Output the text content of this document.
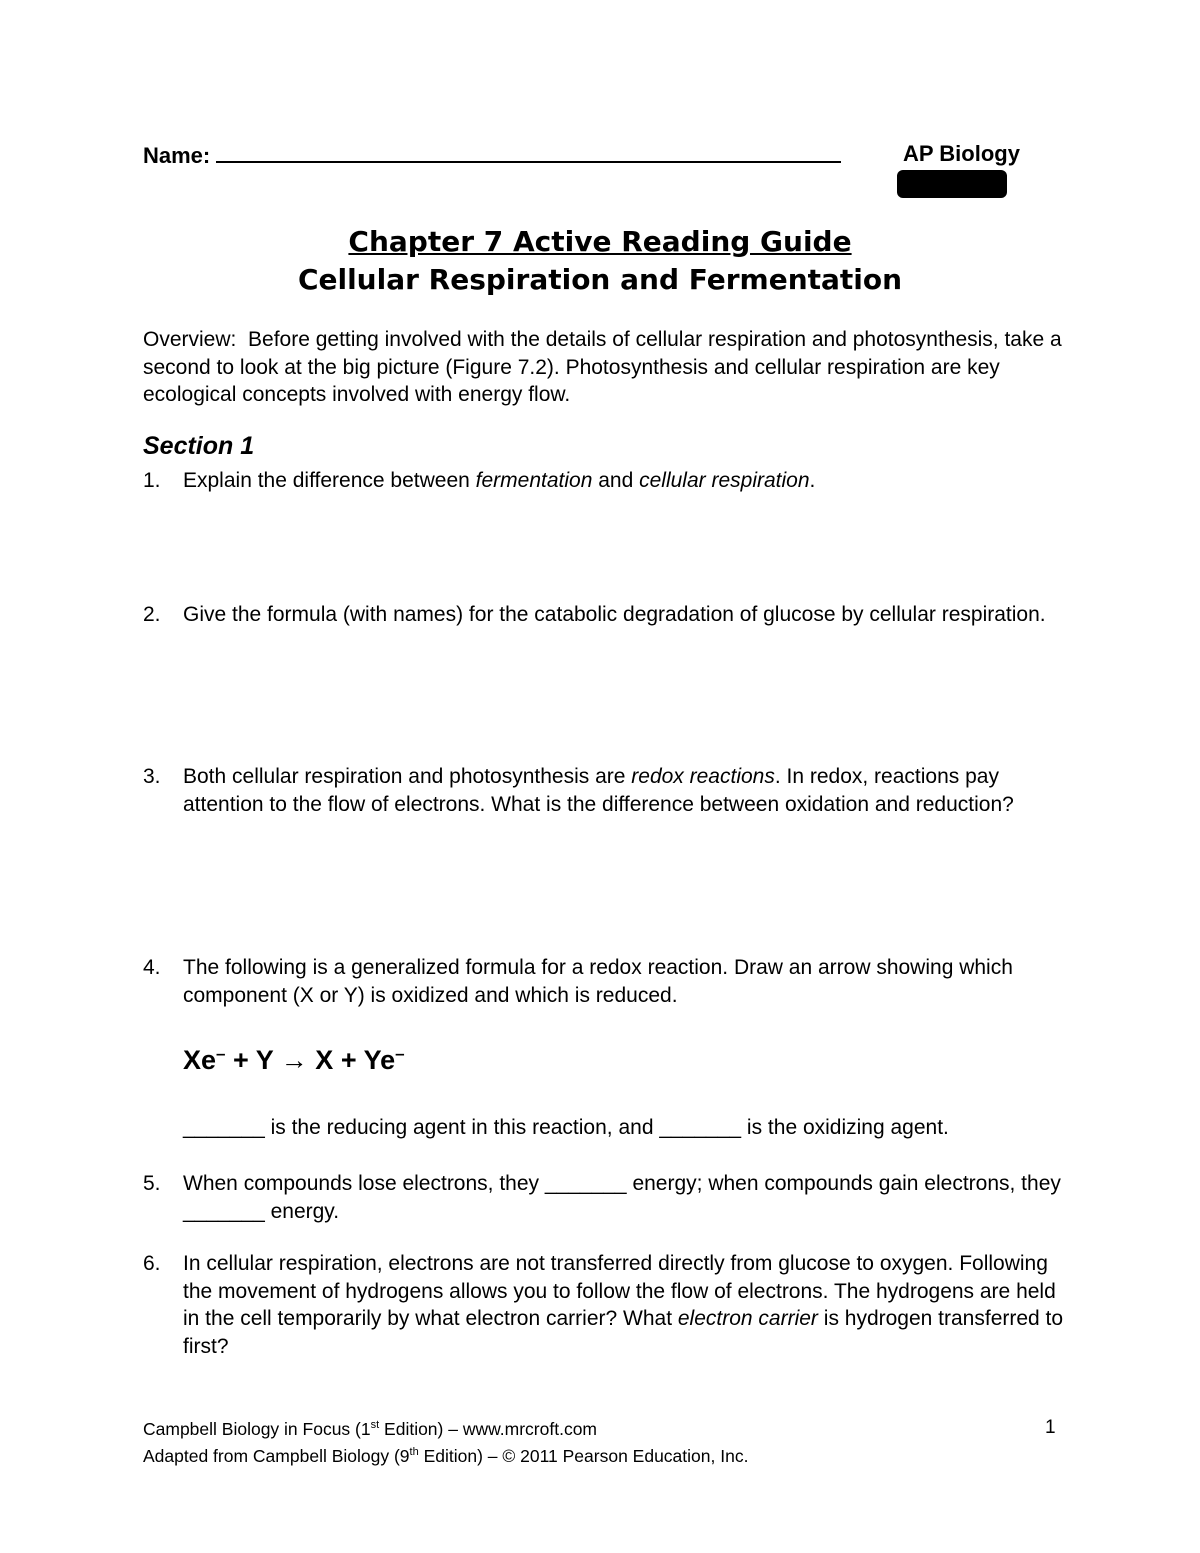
Name:	AP Biology
Chapter 7 Active Reading Guide
Cellular Respiration and Fermentation
Overview: Before getting involved with the details of cellular respiration and photosynthesis, take a second to look at the big picture (Figure 7.2). Photosynthesis and cellular respiration are key ecological concepts involved with energy flow.
Section 1
1. Explain the difference between fermentation and cellular respiration.
2. Give the formula (with names) for the catabolic degradation of glucose by cellular respiration.
3. Both cellular respiration and photosynthesis are redox reactions. In redox, reactions pay attention to the flow of electrons. What is the difference between oxidation and reduction?
4. The following is a generalized formula for a redox reaction. Draw an arrow showing which component (X or Y) is oxidized and which is reduced.
Xe– + Y → X + Ye–
_______ is the reducing agent in this reaction, and _______ is the oxidizing agent.
5. When compounds lose electrons, they _______ energy; when compounds gain electrons, they _______ energy.
6. In cellular respiration, electrons are not transferred directly from glucose to oxygen. Following the movement of hydrogens allows you to follow the flow of electrons. The hydrogens are held in the cell temporarily by what electron carrier? What electron carrier is hydrogen transferred to first?
Campbell Biology in Focus (1st Edition) – www.mrcroft.com
Adapted from Campbell Biology (9th Edition) – © 2011 Pearson Education, Inc.
1
